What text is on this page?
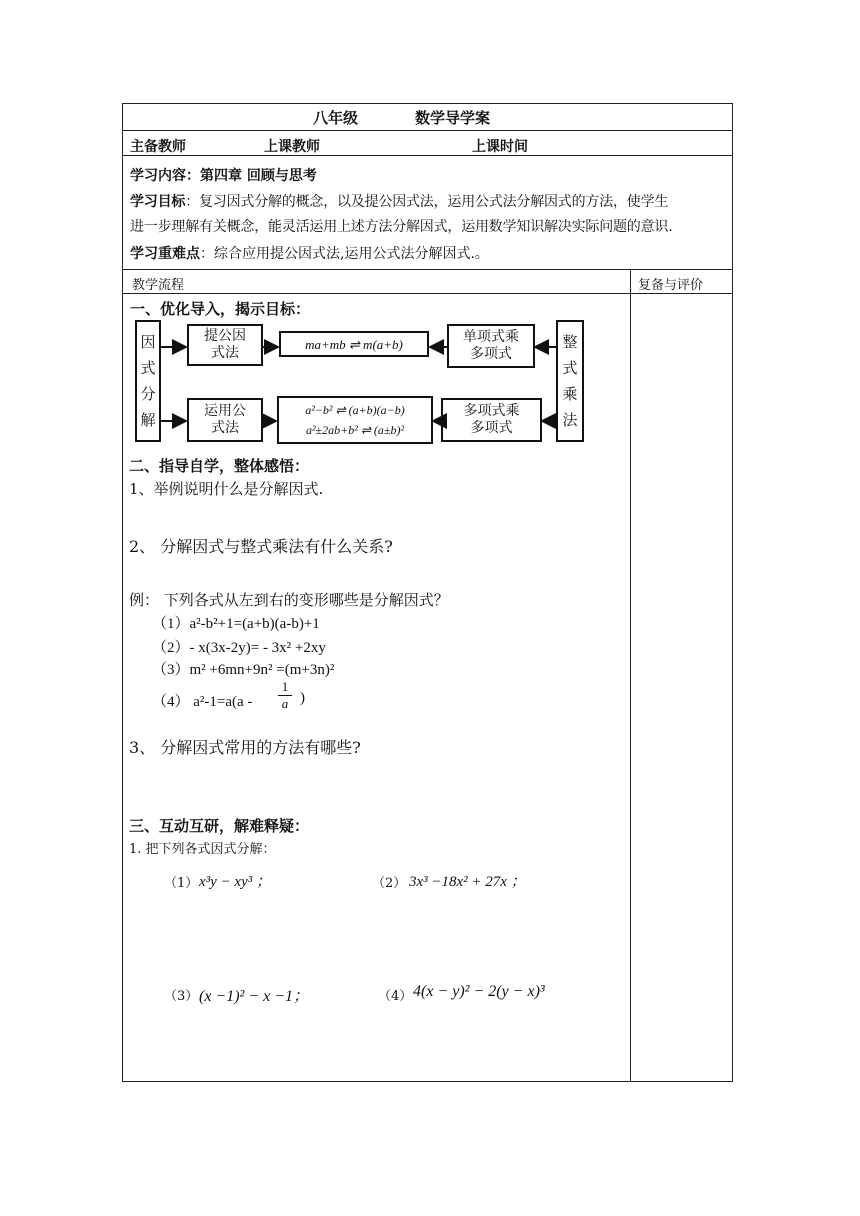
八年级	数学导学案
主备教师	上课教师	上课时间
学习内容：第四章 回顾与思考
学习目标：复习因式分解的概念，以及提公因式法，运用公式法分解因式的方法，使学生
进一步理解有关概念，能灵活运用上述方法分解因式，运用数学知识解决实际问题的意识.
学习重难点：综合应用提公因式法,运用公式法分解因式.。
教学流程	复备与评价
一、优化导入，揭示目标：
因
式
分
解
整
式
乘
法
提公因
式法
运用公
式法
ma+mb ⇌ m(a+b)
a²−b² ⇌ (a+b)(a−b)
a²±2ab+b² ⇌ (a±b)²
单项式乘
多项式
多项式乘
多项式
二、指导自学，整体感悟：
1、举例说明什么是分解因式.
2、 分解因式与整式乘法有什么关系?
例： 下列各式从左到右的变形哪些是分解因式？
（1）a²-b²+1=(a+b)(a-b)+1
（2）- x(3x-2y)= - 3x² +2xy
（3）m² +6mn+9n² =(m+3n)²
（4） $a^2-1=a(a - \frac{1}{a}$ )
3、 分解因式常用的方法有哪些?
三、互动互研，解难释疑：
1. 把下列各式因式分解：
（1） x³y − xy³ ；	（2） 3x³ −18x² + 27x ；
（3） (x −1)² − x −1；	（4） 4(x − y)² − 2(y − x)³
